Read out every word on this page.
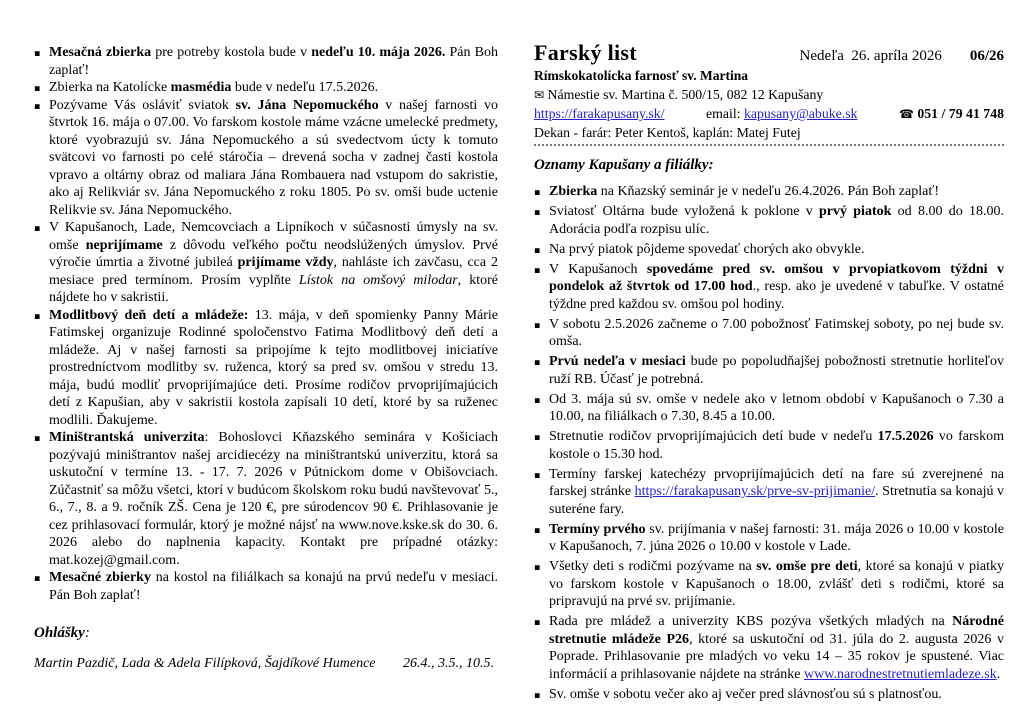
▪ Mesačná zbierka pre potreby kostola bude v nedeľu 10. mája 2026. Pán Boh zaplať!
▪ Zbierka na Katolícke masmédia bude v nedeľu 17.5.2026.
▪ Pozývame Vás osláviť sviatok sv. Jána Nepomuckého v našej farnosti vo štvrtok 16. mája o 07.00. Vo farskom kostole máme vzácne umelecké predmety, ktoré vyobrazujú sv. Jána Nepomuckého a sú svedectvom úcty k tomuto svätcovi vo farnosti po celé stáročia – drevená socha v zadnej časti kostola vpravo a oltárny obraz od maliara Jána Rombauera nad vstupom do sakristie, ako aj Relikviár sv. Jána Nepomuckého z roku 1805. Po sv. omši bude uctenie Relikvie sv. Jána Nepomuckého.
▪ V Kapušanoch, Lade, Nemcovciach a Lipníkoch v súčasnosti úmysly na sv. omše neprijímame z dôvodu veľkého počtu neodslúžených úmyslov. Prvé výročie úmrtia a životné jubileá prijímame vždy, nahláste ich zavčasu, cca 2 mesiace pred termínom. Prosím vyplňte Lístok na omšový milodar, ktoré nájdete ho v sakristii.
▪ Modlitbový deň detí a mládeže: 13. mája, v deň spomienky Panny Márie Fatimskej organizuje Rodinné spoločenstvo Fatima Modlitbový deň detí a mládeže. Aj v našej farnosti sa pripojíme k tejto modlitbovej iniciatíve prostredníctvom modlitby sv. ruženca, ktorý sa pred sv. omšou v stredu 13. mája, budú modliť prvoprijímajúce deti. Prosíme rodičov prvoprijímajúcich detí z Kapušian, aby v sakristii kostola zapísali 10 detí, ktoré by sa ruženec modlili. Ďakujeme.
▪ Miništrantská univerzita: Bohoslovci Kňazského seminára v Košiciach pozývajú miništrantov našej arcidiecézy na miništrantskú univerzitu, ktorá sa uskutoční v termíne 13. - 17. 7. 2026 v Pútnickom dome v Obišovciach. Zúčastniť sa môžu všetci, ktorí v budúcom školskom roku budú navštevovať 5., 6., 7., 8. a 9. ročník ZŠ. Cena je 120 €, pre súrodencov 90 €. Prihlasovanie je cez prihlasovací formulár, ktorý je možné nájsť na www.nove.kske.sk do 30. 6. 2026 alebo do naplnenia kapacity. Kontakt pre prípadné otázky: mat.kozej@gmail.com.
▪ Mesačné zbierky na kostol na filiálkach sa konajú na prvú nedeľu v mesiaci. Pán Boh zaplať!
Ohlášky:
Martin Pazdič, Lada & Adela Filípková, Šajdíkové Humence 26.4., 3.5., 10.5.
Farský list	Nedeľa  26. apríla 2026 06/26
Rímskokatolícka farnosť sv. Martina
✉ Námestie sv. Martina č. 500/15, 082 12 Kapušany
https://farakapusany.sk/	email: kapusany@abuke.sk	☎ 051 / 79 41 748
Dekan - farár: Peter Kentoš, kaplán: Matej Futej
Oznamy Kapušany a filiálky:
▪ Zbierka na Kňazský seminár je v nedeľu 26.4.2026. Pán Boh zaplať!
▪ Sviatosť Oltárna bude vyložená k poklone v prvý piatok od 8.00 do 18.00. Adorácia podľa rozpisu ulíc.
▪ Na prvý piatok pôjdeme spovedať chorých ako obvykle.
▪ V Kapušanoch spovedáme pred sv. omšou v prvopiatkovom týždni v pondelok až štvrtok od 17.00 hod., resp. ako je uvedené v tabuľke. V ostatné týždne pred každou sv. omšou pol hodiny.
▪ V sobotu 2.5.2026 začneme o 7.00 pobožnosť Fatimskej soboty, po nej bude sv. omša.
▪ Prvú nedeľa v mesiaci bude po popoludňajšej pobožnosti stretnutie horliteľov ruží RB. Účasť je potrebná.
▪ Od 3. mája sú sv. omše v nedele ako v letnom období v Kapušanoch o 7.30 a 10.00, na filiálkach o 7.30, 8.45 a 10.00.
▪ Stretnutie rodičov prvoprijímajúcich detí bude v nedeľu 17.5.2026 vo farskom kostole o 15.30 hod.
▪ Termíny farskej katechézy prvoprijímajúcich detí na fare sú zverejnené na farskej stránke https://farakapusany.sk/prve-sv-prijimanie/. Stretnutia sa konajú v suteréne fary.
▪ Termíny prvého sv. prijímania v našej farnosti: 31. mája 2026 o 10.00 v kostole v Kapušanoch, 7. júna 2026 o 10.00 v kostole v Lade.
▪ Všetky deti s rodičmi pozývame na sv. omše pre deti, ktoré sa konajú v piatky vo farskom kostole v Kapušanoch o 18.00, zvlášť deti s rodičmi, ktoré sa pripravujú na prvé sv. prijímanie.
▪ Rada pre mládež a univerzity KBS pozýva všetkých mladých na Národné stretnutie mládeže P26, ktoré sa uskutoční od 31. júla do 2. augusta 2026 v Poprade. Prihlasovanie pre mladých vo veku 14 – 35 rokov je spustené. Viac informácií a prihlasovanie nájdete na stránke www.narodnestretnutiemladeze.sk.
▪ Sv. omše v sobotu večer ako aj večer pred slávnosťou sú s platnosťou.
